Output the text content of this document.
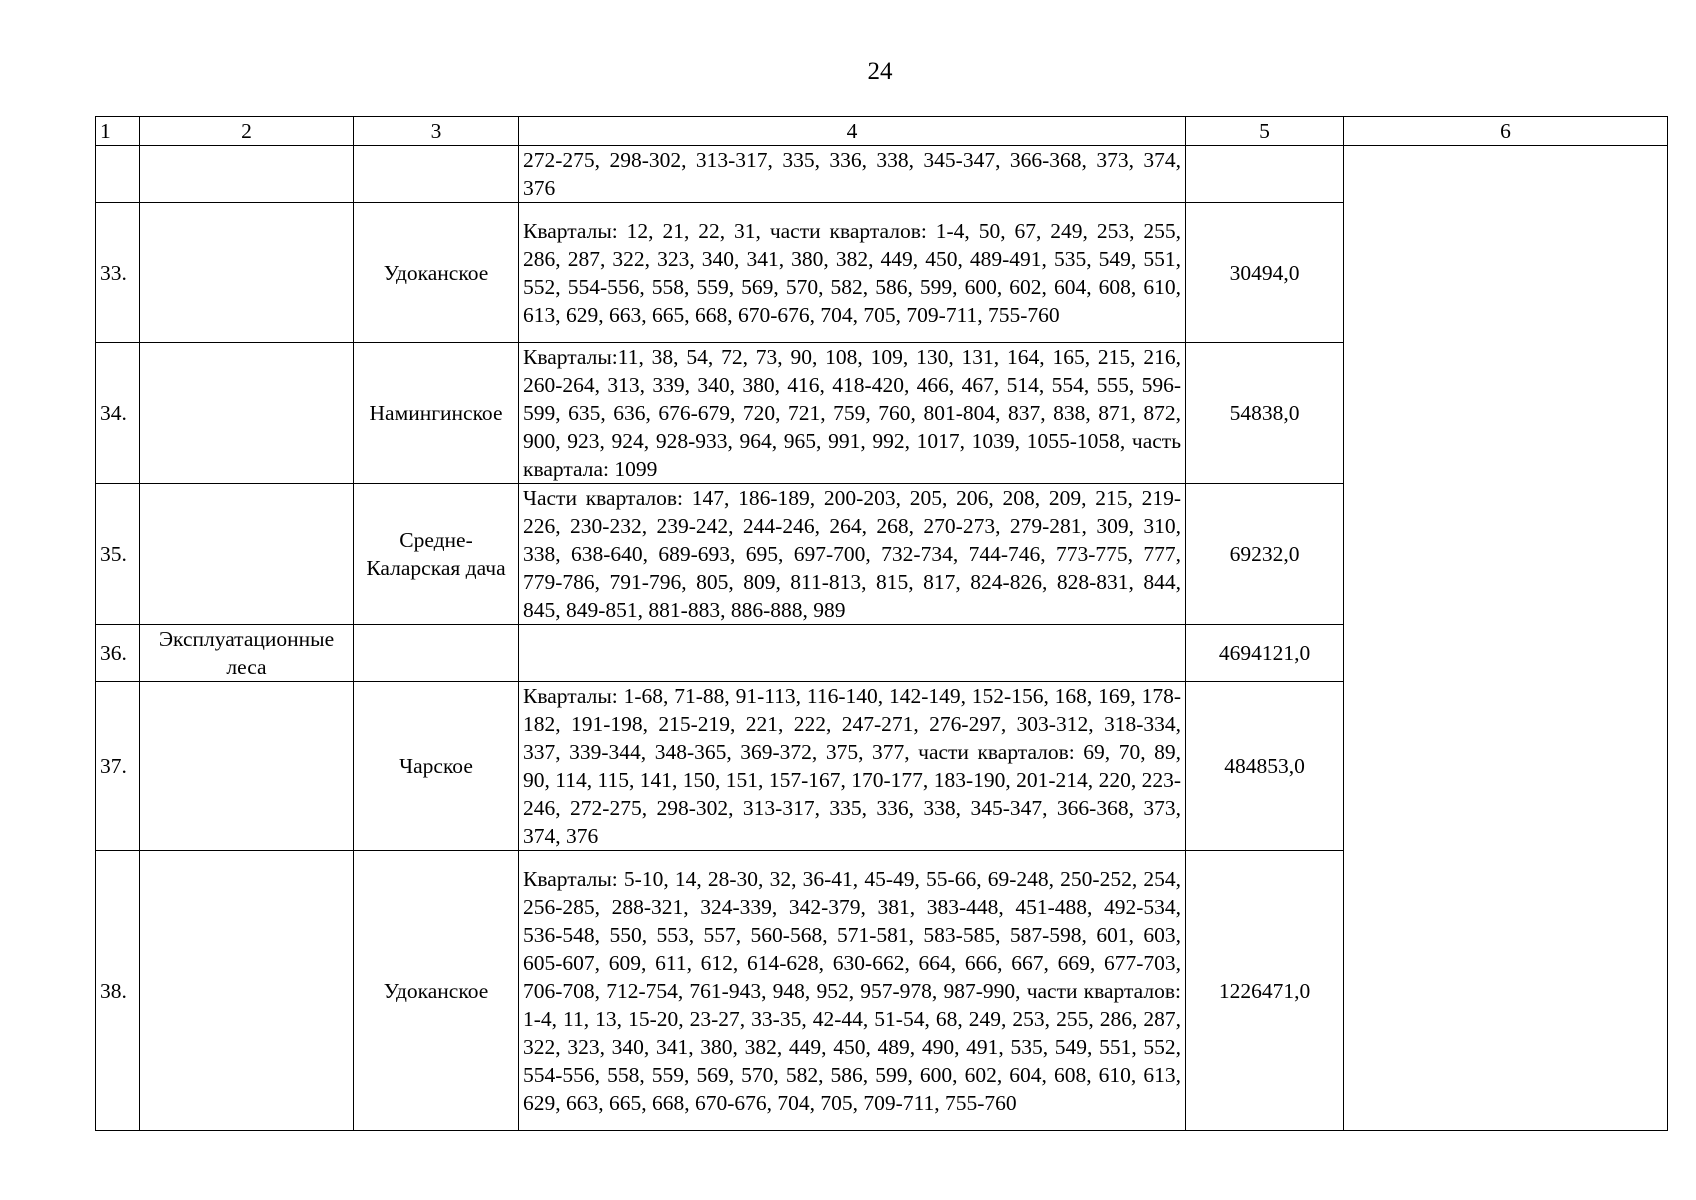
24
1	2	3	4	5	6
			272-275, 298-302, 313-317, 335, 336, 338, 345-347, 366-368, 373, 374, 376		
33.		Удоканское	Кварталы: 12, 21, 22, 31, части кварталов: 1-4, 50, 67, 249, 253, 255, 286, 287, 322, 323, 340, 341, 380, 382, 449, 450, 489-491, 535, 549, 551, 552, 554-556, 558, 559, 569, 570, 582, 586, 599, 600, 602, 604, 608, 610, 613, 629, 663, 665, 668, 670-676, 704, 705, 709-711, 755-760	30494,0	
34.		Намингинское	Кварталы:11, 38, 54, 72, 73, 90, 108, 109, 130, 131, 164, 165, 215, 216, 260-264, 313, 339, 340, 380, 416, 418-420, 466, 467, 514, 554, 555, 596-599, 635, 636, 676-679, 720, 721, 759, 760, 801-804, 837, 838, 871, 872, 900, 923, 924, 928-933, 964, 965, 991, 992, 1017, 1039, 1055-1058, часть квартала: 1099	54838,0	
35.		Средне-Каларская дача	Части кварталов: 147, 186-189, 200-203, 205, 206, 208, 209, 215, 219-226, 230-232, 239-242, 244-246, 264, 268, 270-273, 279-281, 309, 310, 338, 638-640, 689-693, 695, 697-700, 732-734, 744-746, 773-775, 777, 779-786, 791-796, 805, 809, 811-813, 815, 817, 824-826, 828-831, 844, 845, 849-851, 881-883, 886-888, 989	69232,0	
36.	Эксплуатационные леса			4694121,0	
37.		Чарское	Кварталы: 1-68, 71-88, 91-113, 116-140, 142-149, 152-156, 168, 169, 178-182, 191-198, 215-219, 221, 222, 247-271, 276-297, 303-312, 318-334, 337, 339-344, 348-365, 369-372, 375, 377, части кварталов: 69, 70, 89, 90, 114, 115, 141, 150, 151, 157-167, 170-177, 183-190, 201-214, 220, 223-246, 272-275, 298-302, 313-317, 335, 336, 338, 345-347, 366-368, 373, 374, 376	484853,0	
38.		Удоканское	Кварталы: 5-10, 14, 28-30, 32, 36-41, 45-49, 55-66, 69-248, 250-252, 254, 256-285, 288-321, 324-339, 342-379, 381, 383-448, 451-488, 492-534, 536-548, 550, 553, 557, 560-568, 571-581, 583-585, 587-598, 601, 603, 605-607, 609, 611, 612, 614-628, 630-662, 664, 666, 667, 669, 677-703, 706-708, 712-754, 761-943, 948, 952, 957-978, 987-990, части кварталов: 1-4, 11, 13, 15-20, 23-27, 33-35, 42-44, 51-54, 68, 249, 253, 255, 286, 287, 322, 323, 340, 341, 380, 382, 449, 450, 489, 490, 491, 535, 549, 551, 552, 554-556, 558, 559, 569, 570, 582, 586, 599, 600, 602, 604, 608, 610, 613, 629, 663, 665, 668, 670-676, 704, 705, 709-711, 755-760	1226471,0	
